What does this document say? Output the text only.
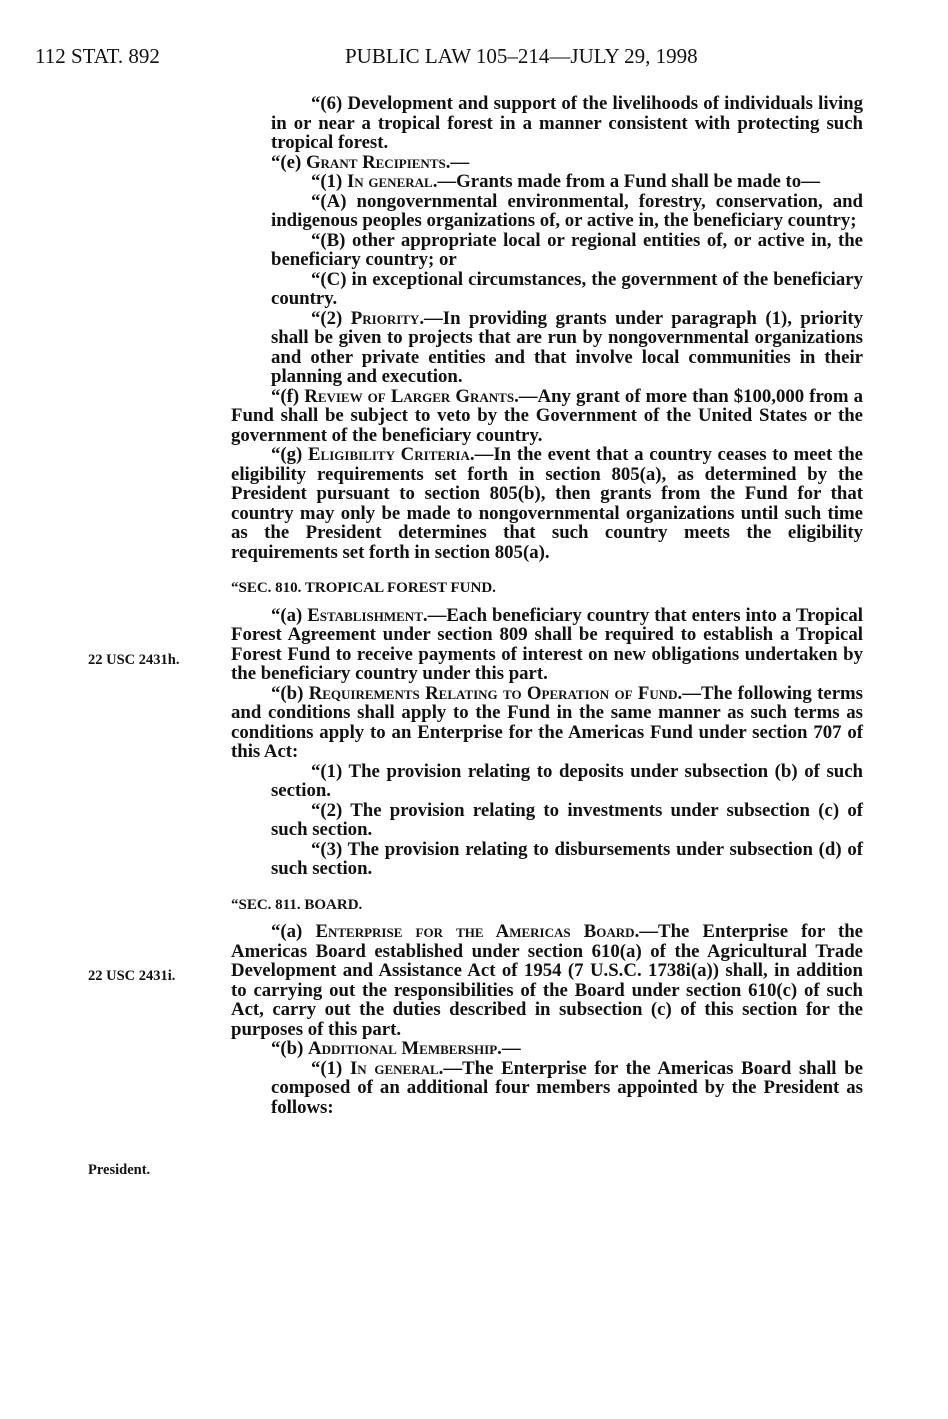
112 STAT. 892	PUBLIC LAW 105–214—JULY 29, 1998
22 USC 2431h.
22 USC 2431i.
President.

“(6) Development and support of the livelihoods of individuals living in or near a tropical forest in a manner consistent with protecting such tropical forest.

“(e) Grant Recipients.—

“(1) In general.—Grants made from a Fund shall be made to—

“(A) nongovernmental environmental, forestry, conservation, and indigenous peoples organizations of, or active in, the beneficiary country;

“(B) other appropriate local or regional entities of, or active in, the beneficiary country; or

“(C) in exceptional circumstances, the government of the beneficiary country.

“(2) Priority.—In providing grants under paragraph (1), priority shall be given to projects that are run by nongovernmental organizations and other private entities and that involve local communities in their planning and execution.

“(f) Review of Larger Grants.—Any grant of more than $100,000 from a Fund shall be subject to veto by the Government of the United States or the government of the beneficiary country.

“(g) Eligibility Criteria.—In the event that a country ceases to meet the eligibility requirements set forth in section 805(a), as determined by the President pursuant to section 805(b), then grants from the Fund for that country may only be made to nongovernmental organizations until such time as the President determines that such country meets the eligibility requirements set forth in section 805(a).

“SEC. 810. TROPICAL FOREST FUND.

“(a) Establishment.—Each beneficiary country that enters into a Tropical Forest Agreement under section 809 shall be required to establish a Tropical Forest Fund to receive payments of interest on new obligations undertaken by the beneficiary country under this part.

“(b) Requirements Relating to Operation of Fund.—The following terms and conditions shall apply to the Fund in the same manner as such terms as conditions apply to an Enterprise for the Americas Fund under section 707 of this Act:

“(1) The provision relating to deposits under subsection (b) of such section.

“(2) The provision relating to investments under subsection (c) of such section.

“(3) The provision relating to disbursements under subsection (d) of such section.

“SEC. 811. BOARD.

“(a) Enterprise for the Americas Board.—The Enterprise for the Americas Board established under section 610(a) of the Agricultural Trade Development and Assistance Act of 1954 (7 U.S.C. 1738i(a)) shall, in addition to carrying out the responsibilities of the Board under section 610(c) of such Act, carry out the duties described in subsection (c) of this section for the purposes of this part.

“(b) Additional Membership.—

“(1) In general.—The Enterprise for the Americas Board shall be composed of an additional four members appointed by the President as follows:
